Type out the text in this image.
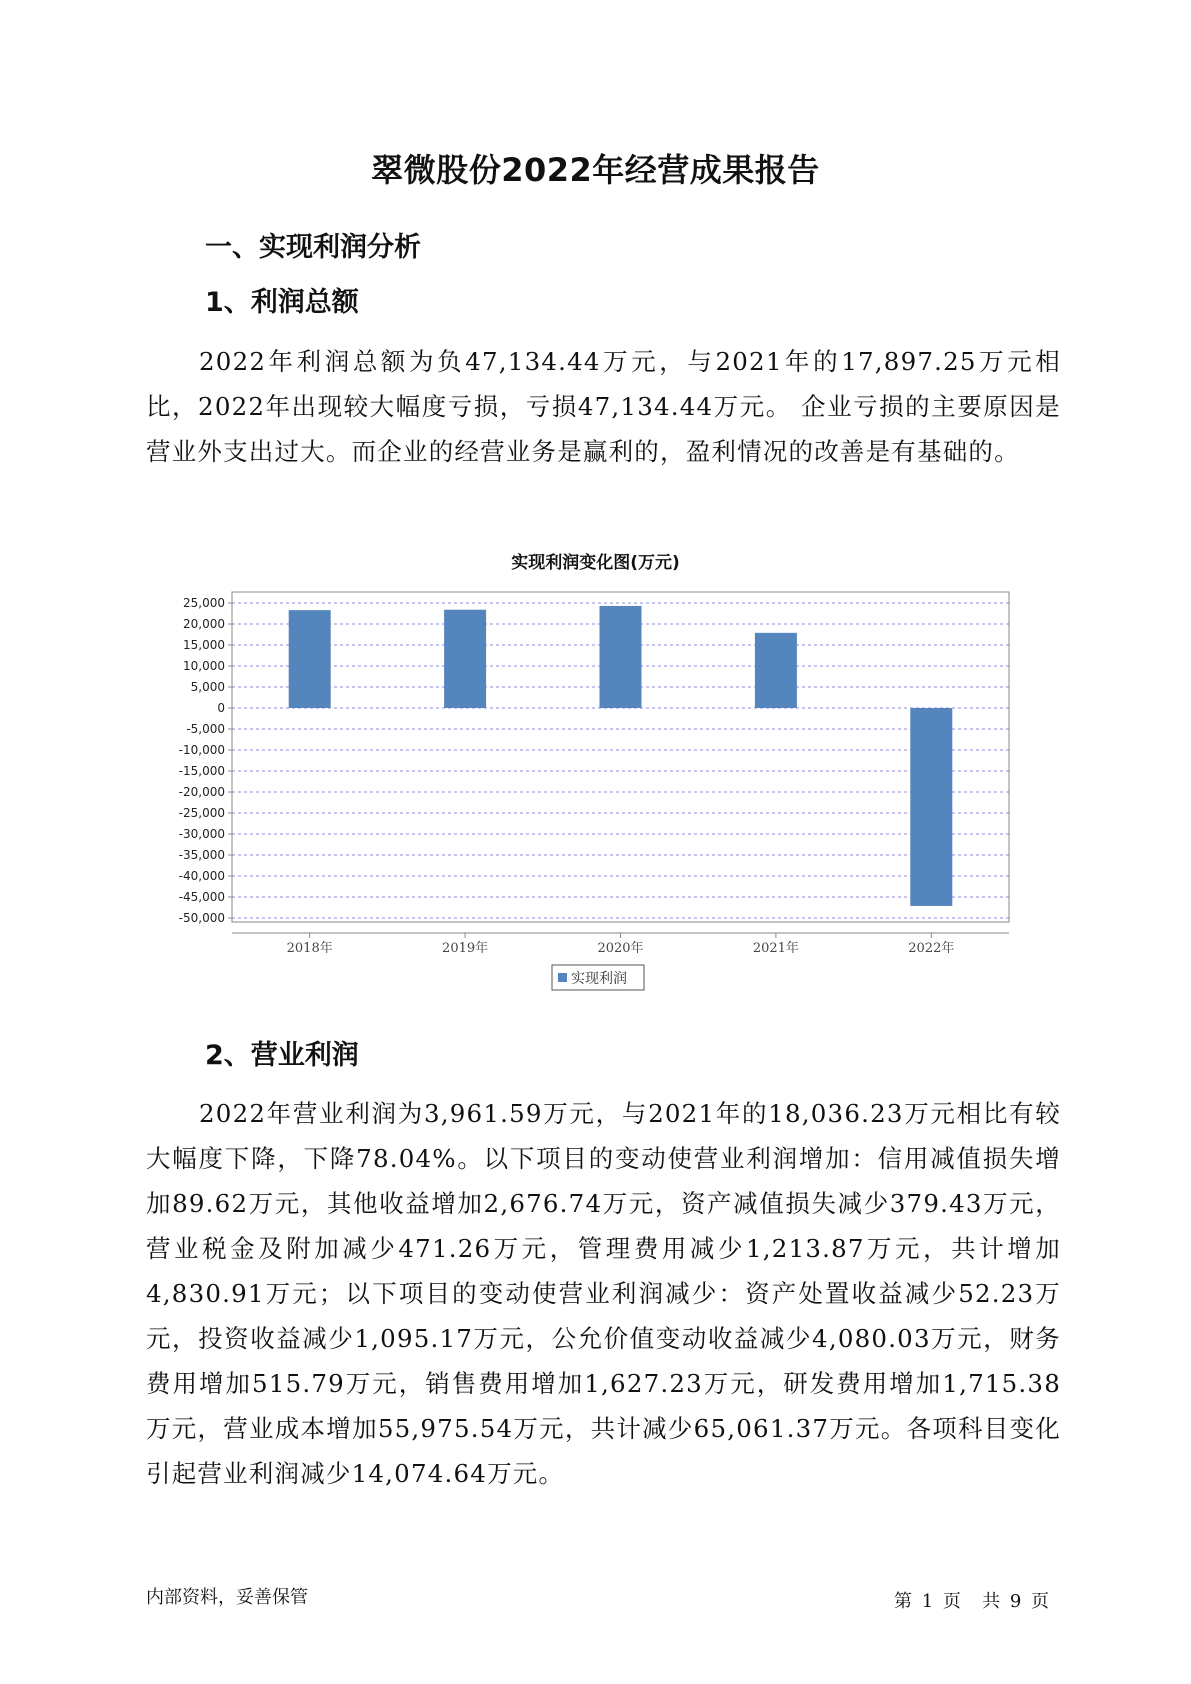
翠微股份2022年经营成果报告
一、实现利润分析
1、利润总额

2022年利润总额为负47,134.44万元，与2021年的17,897.25万元相比，2022年出现较大幅度亏损，亏损47,134.44万元。 企业亏损的主要原因是营业外支出过大。而企业的经营业务是赢利的，盈利情况的改善是有基础的。

实现利润变化图(万元)
25,000
20,000
15,000
10,000
5,000
0
-5,000
-10,000
-15,000
-20,000
-25,000
-30,000
-35,000
-40,000
-45,000
-50,000
2018年	2019年	2020年	2021年	2022年
实现利润
2、营业利润

2022年营业利润为3,961.59万元，与2021年的18,036.23万元相比有较大幅度下降，下降78.04%。以下项目的变动使营业利润增加：信用减值损失增加89.62万元，其他收益增加2,676.74万元，资产减值损失减少379.43万元，营业税金及附加减少471.26万元，管理费用减少1,213.87万元，共计增加4,830.91万元；以下项目的变动使营业利润减少：资产处置收益减少52.23万元，投资收益减少1,095.17万元，公允价值变动收益减少4,080.03万元，财务费用增加515.79万元，销售费用增加1,627.23万元，研发费用增加1,715.38万元，营业成本增加55,975.54万元，共计减少65,061.37万元。各项科目变化引起营业利润减少14,074.64万元。

内部资料，妥善保管	第 1 页 共 9 页
